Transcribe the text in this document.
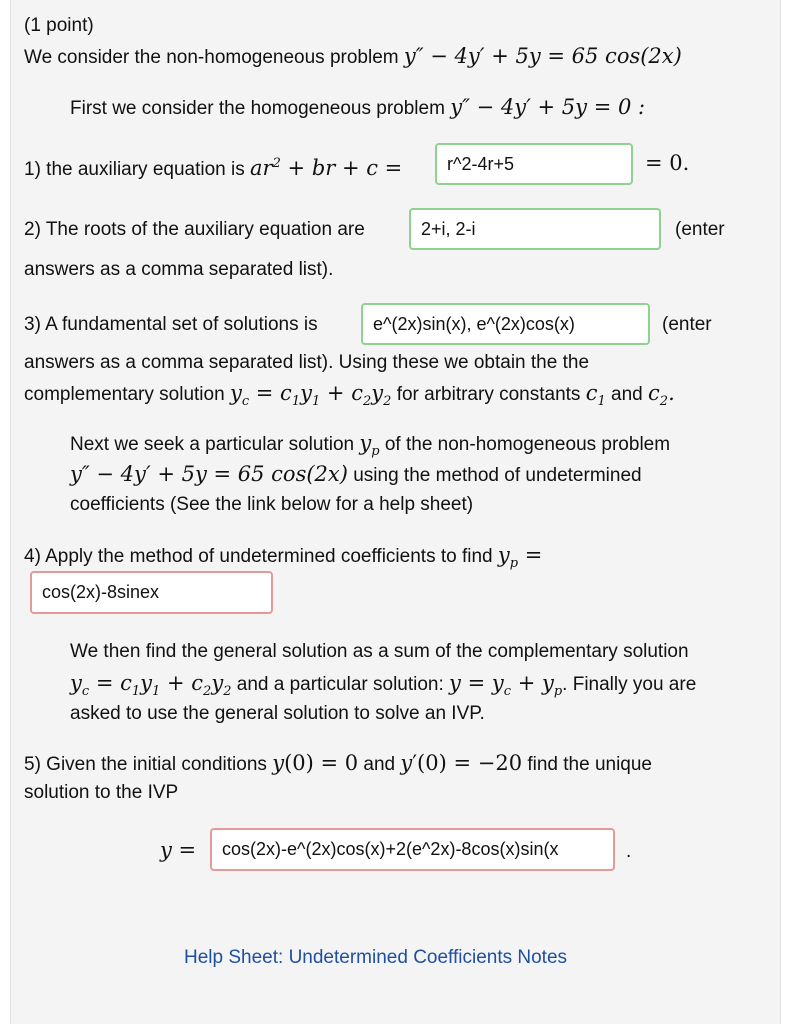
(1 point)
We consider the non-homogeneous problem y″ − 4y′ + 5y = 65 cos(2x)
First we consider the homogeneous problem y″ − 4y′ + 5y = 0 :
1) the auxiliary equation is $ar^2$ + br + c =	r^2-4r+5	= 0.
2) The roots of the auxiliary equation are	2+i, 2-i	(enter
answers as a comma separated list).
3) A fundamental set of solutions is	e^(2x)sin(x), e^(2x)cos(x)	(enter
answers as a comma separated list). Using these we obtain the the
complementary solution $y_c = c_1y_1 + c_2y_2$ for arbitrary constants $c_1$ and $c_2$.
Next we seek a particular solution $y_p$ of the non-homogeneous problem
y″ − 4y′ + 5y = 65 cos(2x) using the method of undetermined
coefficients (See the link below for a help sheet)
4) Apply the method of undetermined coefficients to find $y_p$ =
cos(2x)-8sinex
We then find the general solution as a sum of the complementary solution
$y_c = c_1y_1 + c_2y_2$ and a particular solution: $y = y_c + y_p$. Finally you are
asked to use the general solution to solve an IVP.
5) Given the initial conditions y(0) = 0 and y′(0) = −20 find the unique
solution to the IVP
y =	cos(2x)-e^(2x)cos(x)+2(e^2x)-8cos(x)sin(x	.
Help Sheet: Undetermined Coefficients Notes
